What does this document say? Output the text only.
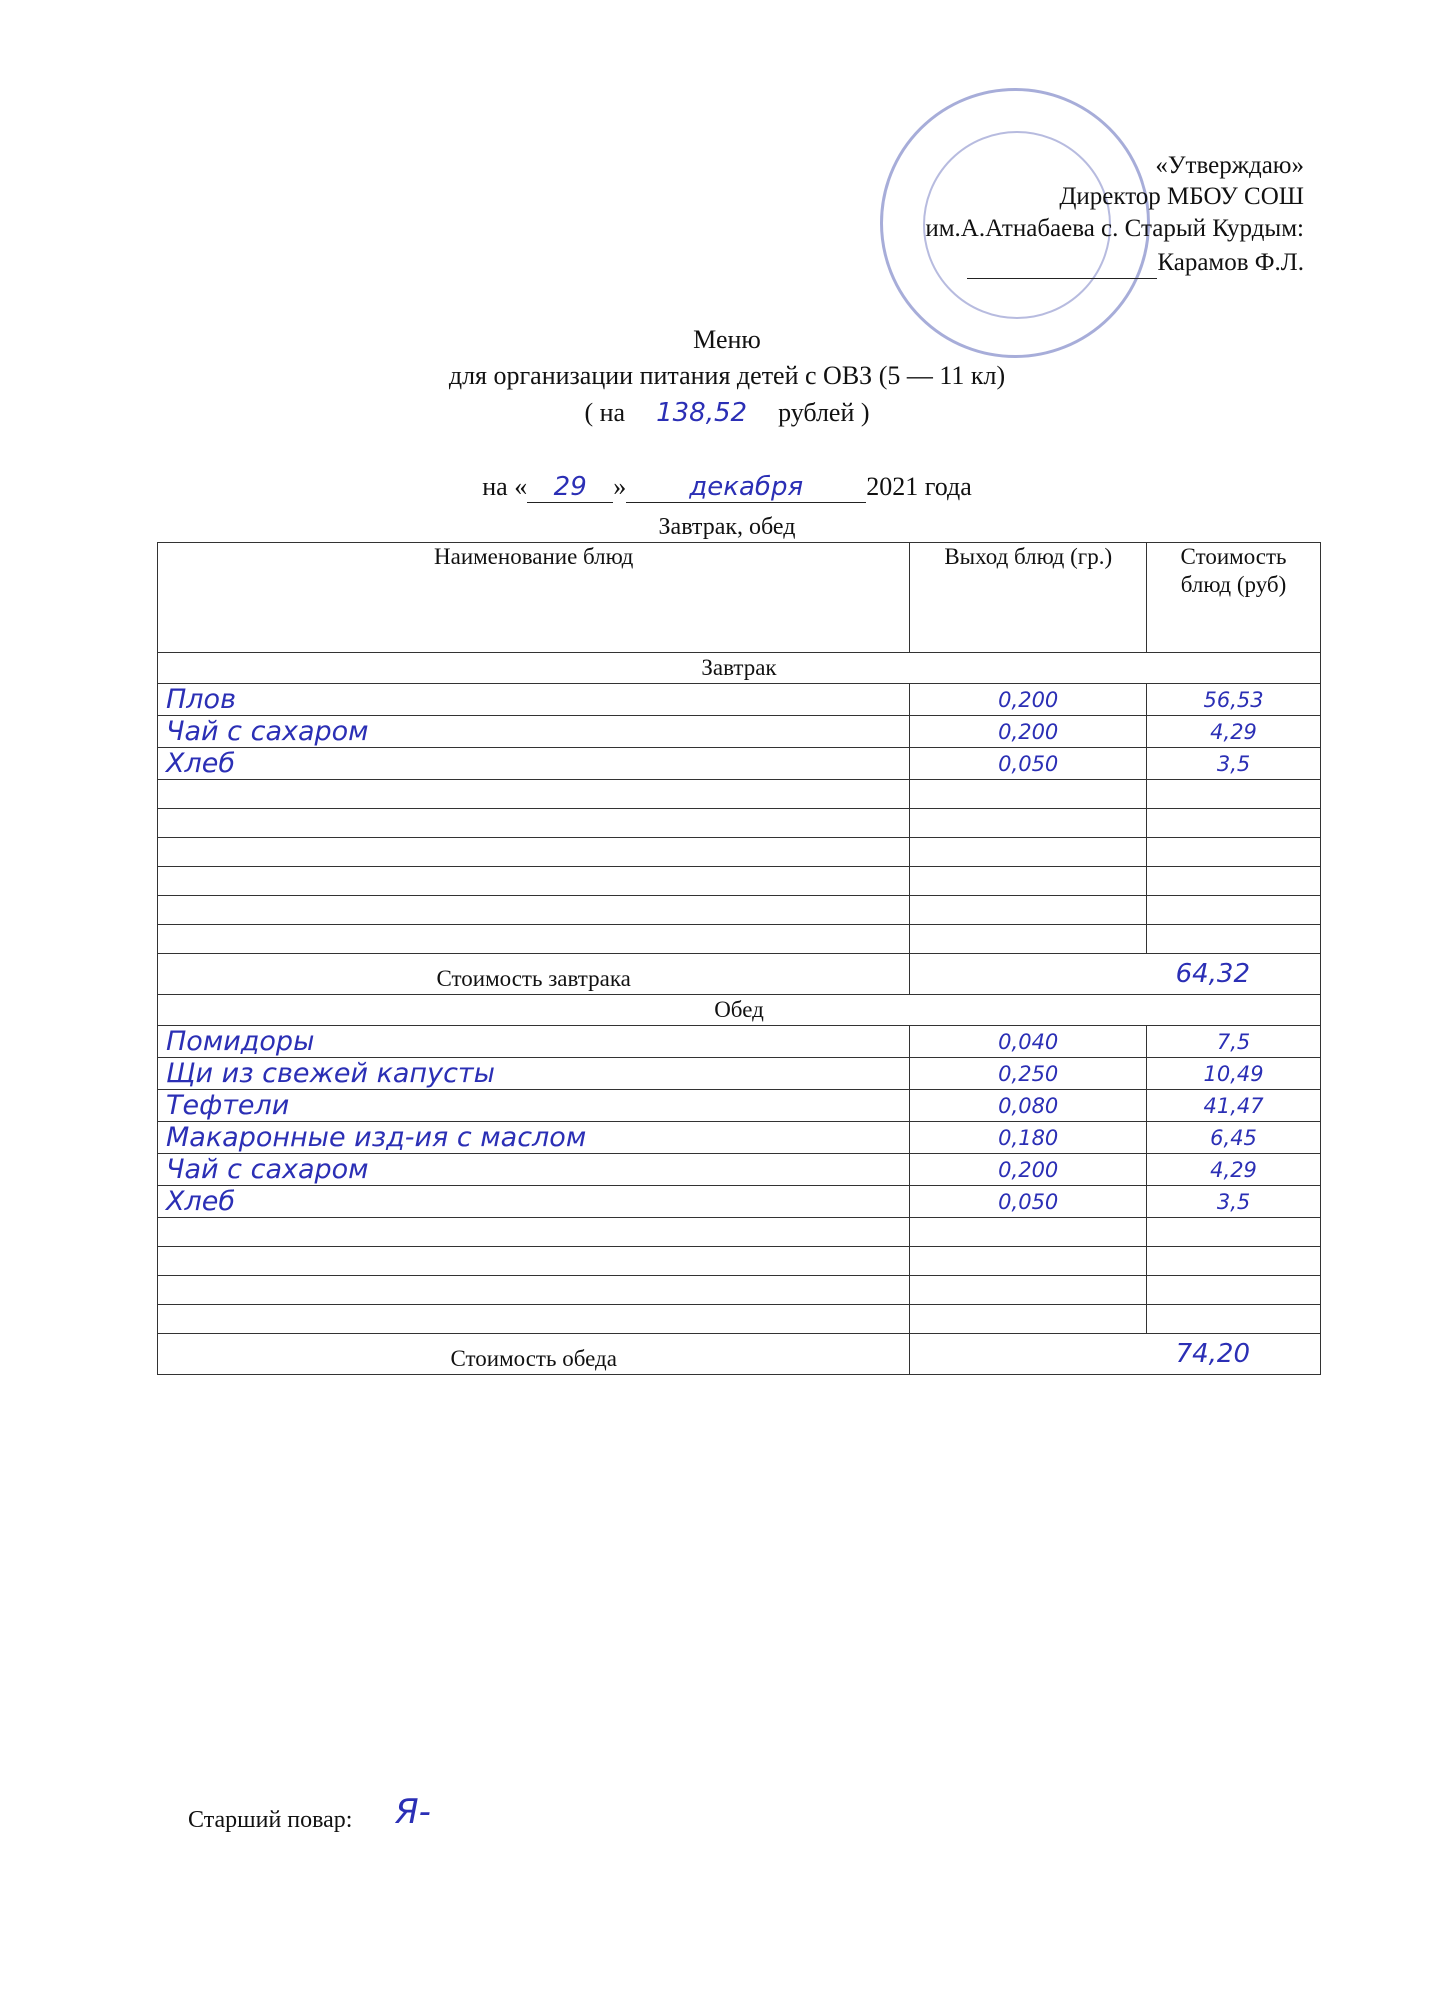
«Утверждаю»
Директор МБОУ СОШ
им.А.Атнабаева с. Старый Курдым:
Карамов Ф.Л.
Меню
для организации питания детей с ОВЗ (5 — 11 кл)
( на 138,52 рублей )
на « 29 » декабря 2021 года
Завтрак, обед
Наименование блюд	Выход блюд (гр.)	Стоимость блюд (руб)
Завтрак		
Плов	0,200	56,53
Чай с сахаром	0,200	4,29
Хлеб	0,050	3,5

Стоимость завтрака	64,32	
Обед		
Помидоры	0,040	7,5
Щи из свежей капусты	0,250	10,49
Тефтели	0,080	41,47
Макаронные изд-ия с маслом	0,180	6,45
Чай с сахаром	0,200	4,29
Хлеб	0,050	3,5

Стоимость обеда	74,20	
Старший повар: Я-
